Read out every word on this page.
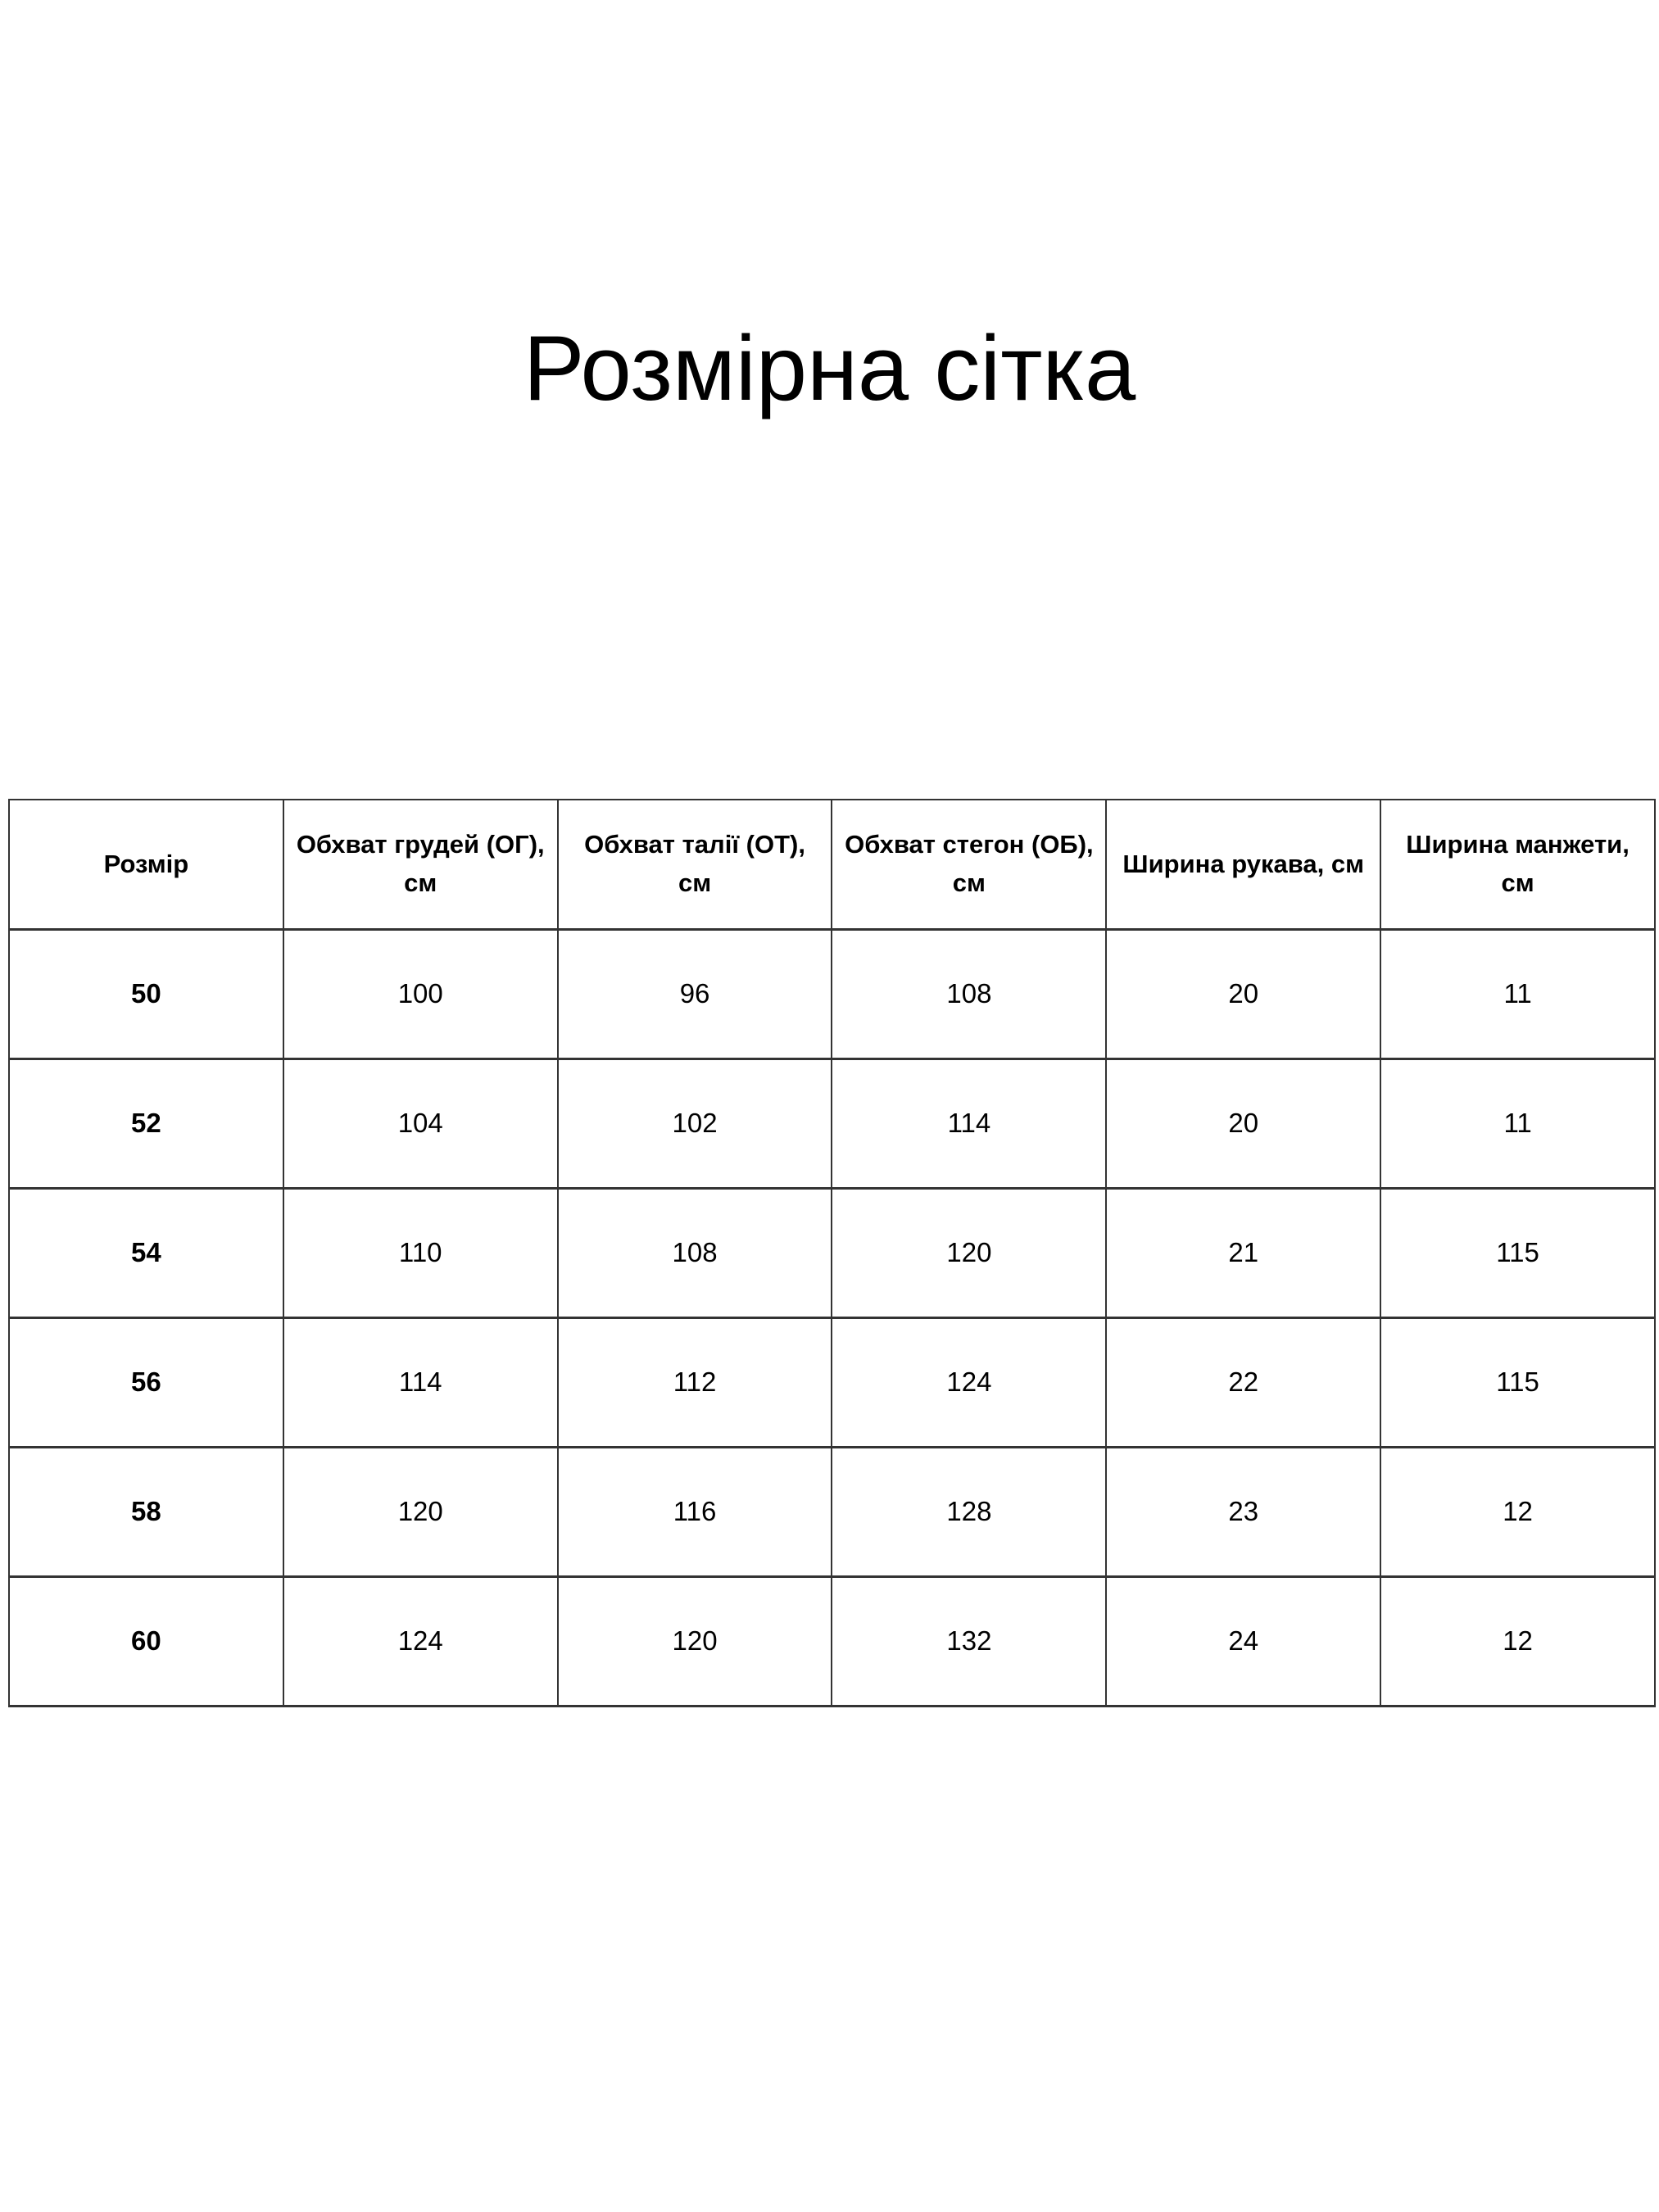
Розмірна сітка
Розмір	Обхват грудей (ОГ), см	Обхват талії (ОТ), см	Обхват стегон (ОБ), см	Ширина рукава, см	Ширина манжети, см
50	100	96	108	20	11
52	104	102	114	20	11
54	110	108	120	21	115
56	114	112	124	22	115
58	120	116	128	23	12
60	124	120	132	24	12
